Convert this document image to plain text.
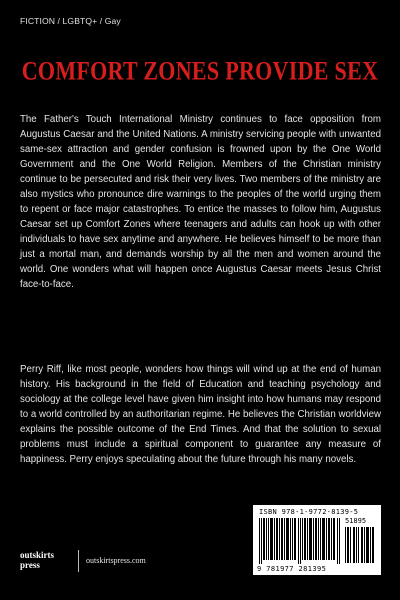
FICTION / LGBTQ+ / Gay
COMFORT ZONES PROVIDE SEX

The Father's Touch International Ministry continues to face opposition from Augustus Caesar and the United Nations. A ministry servicing people with unwanted same-sex attraction and gender confusion is frowned upon by the One World Government and the One World Religion. Members of the Christian ministry continue to be persecuted and risk their very lives. Two members of the ministry are also mystics who pronounce dire warnings to the peoples of the world urging them to repent or face major catastrophes. To entice the masses to follow him, Augustus Caesar set up Comfort Zones where teenagers and adults can hook up with other individuals to have sex anytime and anywhere. He believes himself to be more than just a mortal man, and demands worship by all the men and women around the world. One wonders what will happen once Augustus Caesar meets Jesus Christ face-to-face.

Perry Riff, like most people, wonders how things will wind up at the end of human history. His background in the field of Education and teaching psychology and sociology at the college level have given him insight into how humans may respond to a world controlled by an authoritarian regime. He believes the Christian worldview explains the possible outcome of the End Times. And that the solution to sexual problems must include a spiritual component to guarantee any measure of happiness. Perry enjoys speculating about the future through his many novels.

outskirts
press	outskirtspress.com
ISBN 978-1-9772-8139-5
51895
9 781977 281395
